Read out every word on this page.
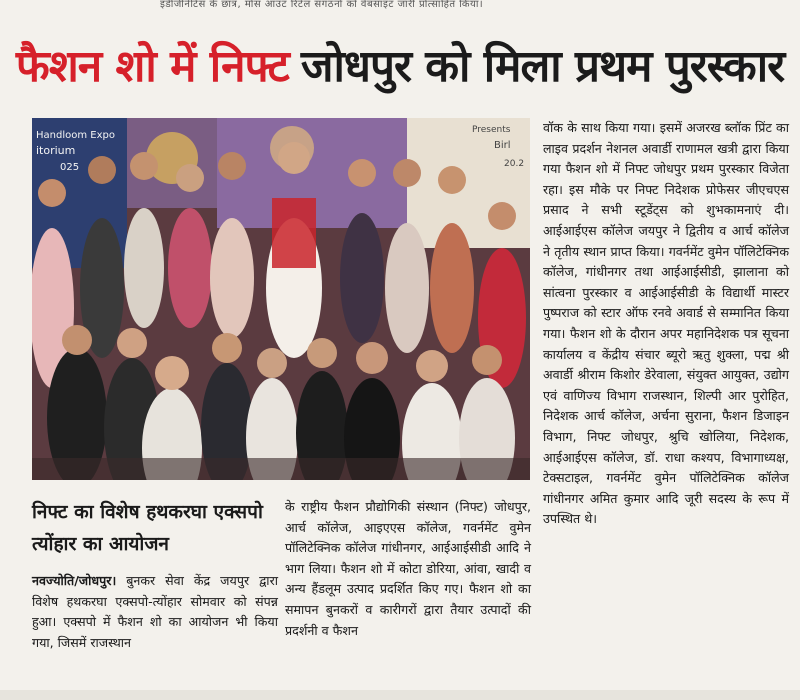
इंडीजीनेटिस के छात्र, मोस आउट रिटेल संगठनों को वेबसाइट जारी प्रोत्साहित किया।
फैशन शो में निफ्ट जोधपुर को मिला प्रथम पुरस्कार
Handloom Expo
itorium
025
Presents
Birl
20.2
निफ्ट का विशेष हथकरघा एक्सपो त्योंहार का आयोजन
नवज्योति/जोधपुर। बुनकर सेवा केंद्र जयपुर द्वारा विशेष हथकरघा एक्सपो-त्योंहार सोमवार को संपन्न हुआ। एक्सपो में फैशन शो का आयोजन भी किया गया, जिसमें राजस्थान
के राष्ट्रीय फैशन प्रौद्योगिकी संस्थान (निफ्ट) जोधपुर, आर्च कॉलेज, आइएएस कॉलेज, गवर्नमेंट वुमेन पॉलिटेक्निक कॉलेज गांधीनगर, आईआईसीडी आदि ने भाग लिया। फैशन शो में कोटा डोरिया, आंवा, खादी व अन्य हैंडलूम उत्पाद प्रदर्शित किए गए। फैशन शो का समापन बुनकरों व कारीगरों द्वारा तैयार उत्पादों की प्रदर्शनी व फैशन
वॉक के साथ किया गया। इसमें अजरख ब्लॉक प्रिंट का लाइव प्रदर्शन नेशनल अवार्डी राणामल खत्री द्वारा किया गया फैशन शो में निफ्ट जोधपुर प्रथम पुरस्कार विजेता रहा। इस मौके पर निफ्ट निदेशक प्रोफेसर जीएचएस प्रसाद ने सभी स्टूडेंट्स को शुभकामनाएं दी। आईआईएस कॉलेज जयपुर ने द्वितीय व आर्च कॉलेज ने तृतीय स्थान प्राप्त किया। गवर्नमेंट वुमेन पॉलिटेक्निक कॉलेज, गांधीनगर तथा आईआईसीडी, झालाना को सांत्वना पुरस्कार व आईआईसीडी के विद्यार्थी मास्टर पुष्पराज को स्टार ऑफ रनवे अवार्ड से सम्मानित किया गया। फैशन शो के दौरान अपर महानिदेशक पत्र सूचना कार्यालय व केंद्रीय संचार ब्यूरो ऋतु शुक्ला, पद्म श्री अवार्डी श्रीराम किशोर डेरेवाला, संयुक्त आयुक्त, उद्योग एवं वाणिज्य विभाग राजस्थान, शिल्पी आर पुरोहित, निदेशक आर्च कॉलेज, अर्चना सुराना, फैशन डिजाइन विभाग, निफ्ट जोधपुर, श्रुचि खोलिया, निदेशक, आईआईएस कॉलेज, डॉ. राधा कश्यप, विभागाध्यक्ष, टेक्सटाइल, गवर्नमेंट वुमेन पॉलिटेक्निक कॉलेज गांधीनगर अमित कुमार आदि जूरी सदस्य के रूप में उपस्थित थे।
